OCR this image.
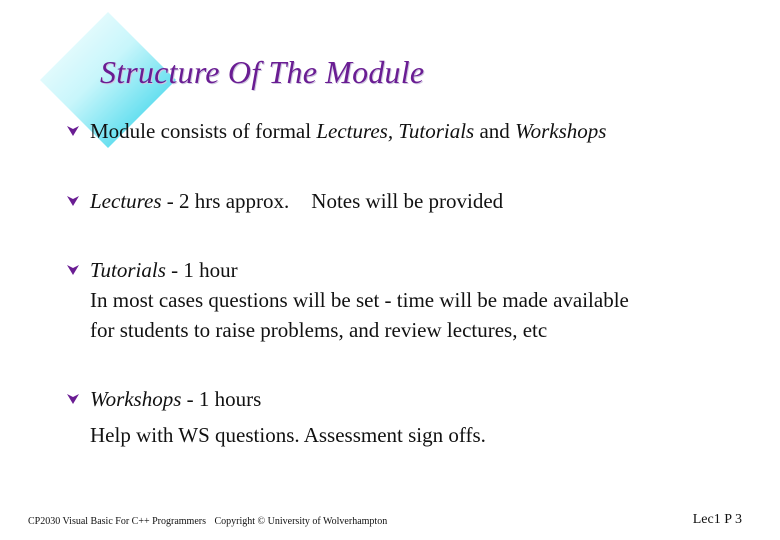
Structure Of The Module
Module consists of formal Lectures, Tutorials and Workshops
Lectures - 2 hrs approx. Notes will be provided
Tutorials - 1 hour
In most cases questions will be set - time will be made available
for students to raise problems, and review lectures, etc
Workshops - 1 hours
Help with WS questions. Assessment sign offs.
CP2030 Visual Basic For C++ Programmers Copyright © University of Wolverhampton	Lec1 P 3
